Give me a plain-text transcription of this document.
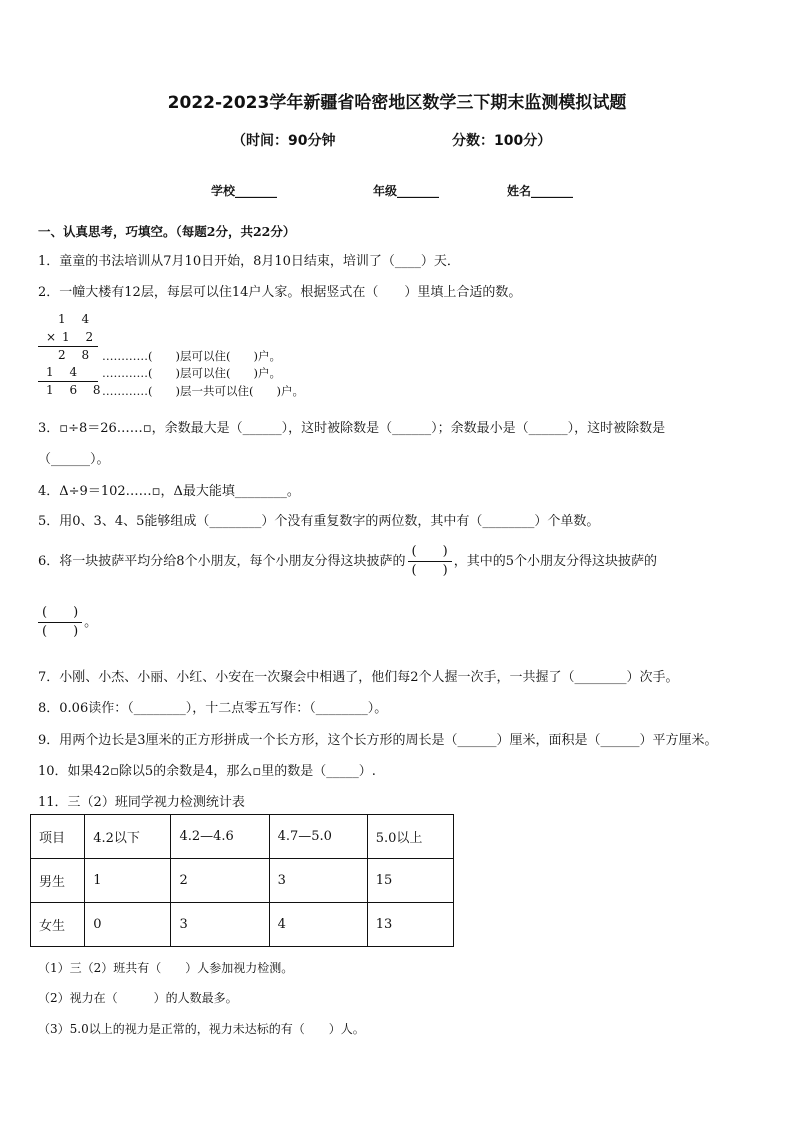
2022-2023学年新疆省哈密地区数学三下期末监测模拟试题
（时间：90分钟	分数：100分）
学校_______	年级_______	姓名_______
一、认真思考，巧填空。（每题2分，共22分）
1．童童的书法培训从7月10日开始，8月10日结束，培训了（____）天．
2．一幢大楼有12层，每层可以住14户人家。根据竖式在（　　）里填上合适的数。
1 4
×1 2
2 8
1 4
1 6 8
…………(　　)层可以住(　　)户。
…………(　　)层可以住(　　)户。
…………(　　)层一共可以住(　　)户。
3．▫÷8＝26……▫，余数最大是（______），这时被除数是（______）；余数最小是（______），这时被除数是
（______）。
4．Δ÷9＝102……▫，Δ最大能填________。
5．用0、3、4、5能够组成（________）个没有重复数字的两位数，其中有（________）个单数。
6．将一块披萨平均分给8个小朋友，每个小朋友分得这块披萨的 $\frac{( )}{( )}$ ，其中的5个小朋友分得这块披萨的
$\frac{( )}{( )}$ 。
7．小刚、小杰、小丽、小红、小安在一次聚会中相遇了，他们每2个人握一次手，一共握了（________）次手。
8．0.06读作：（________），十二点零五写作：（________）。
9．用两个边长是3厘米的正方形拼成一个长方形，这个长方形的周长是（______）厘米，面积是（______）平方厘米。
10．如果42▫除以5的余数是4，那么▫里的数是（_____）.
11．三（2）班同学视力检测统计表
项目	4.2以下	4.2—4.6	4.7—5.0	5.0以上
男生	1	2	3	15
女生	0	3	4	13
（1）三（2）班共有（　　）人参加视力检测。
（2）视力在（　　　）的人数最多。
（3）5.0以上的视力是正常的，视力未达标的有（　　）人。
